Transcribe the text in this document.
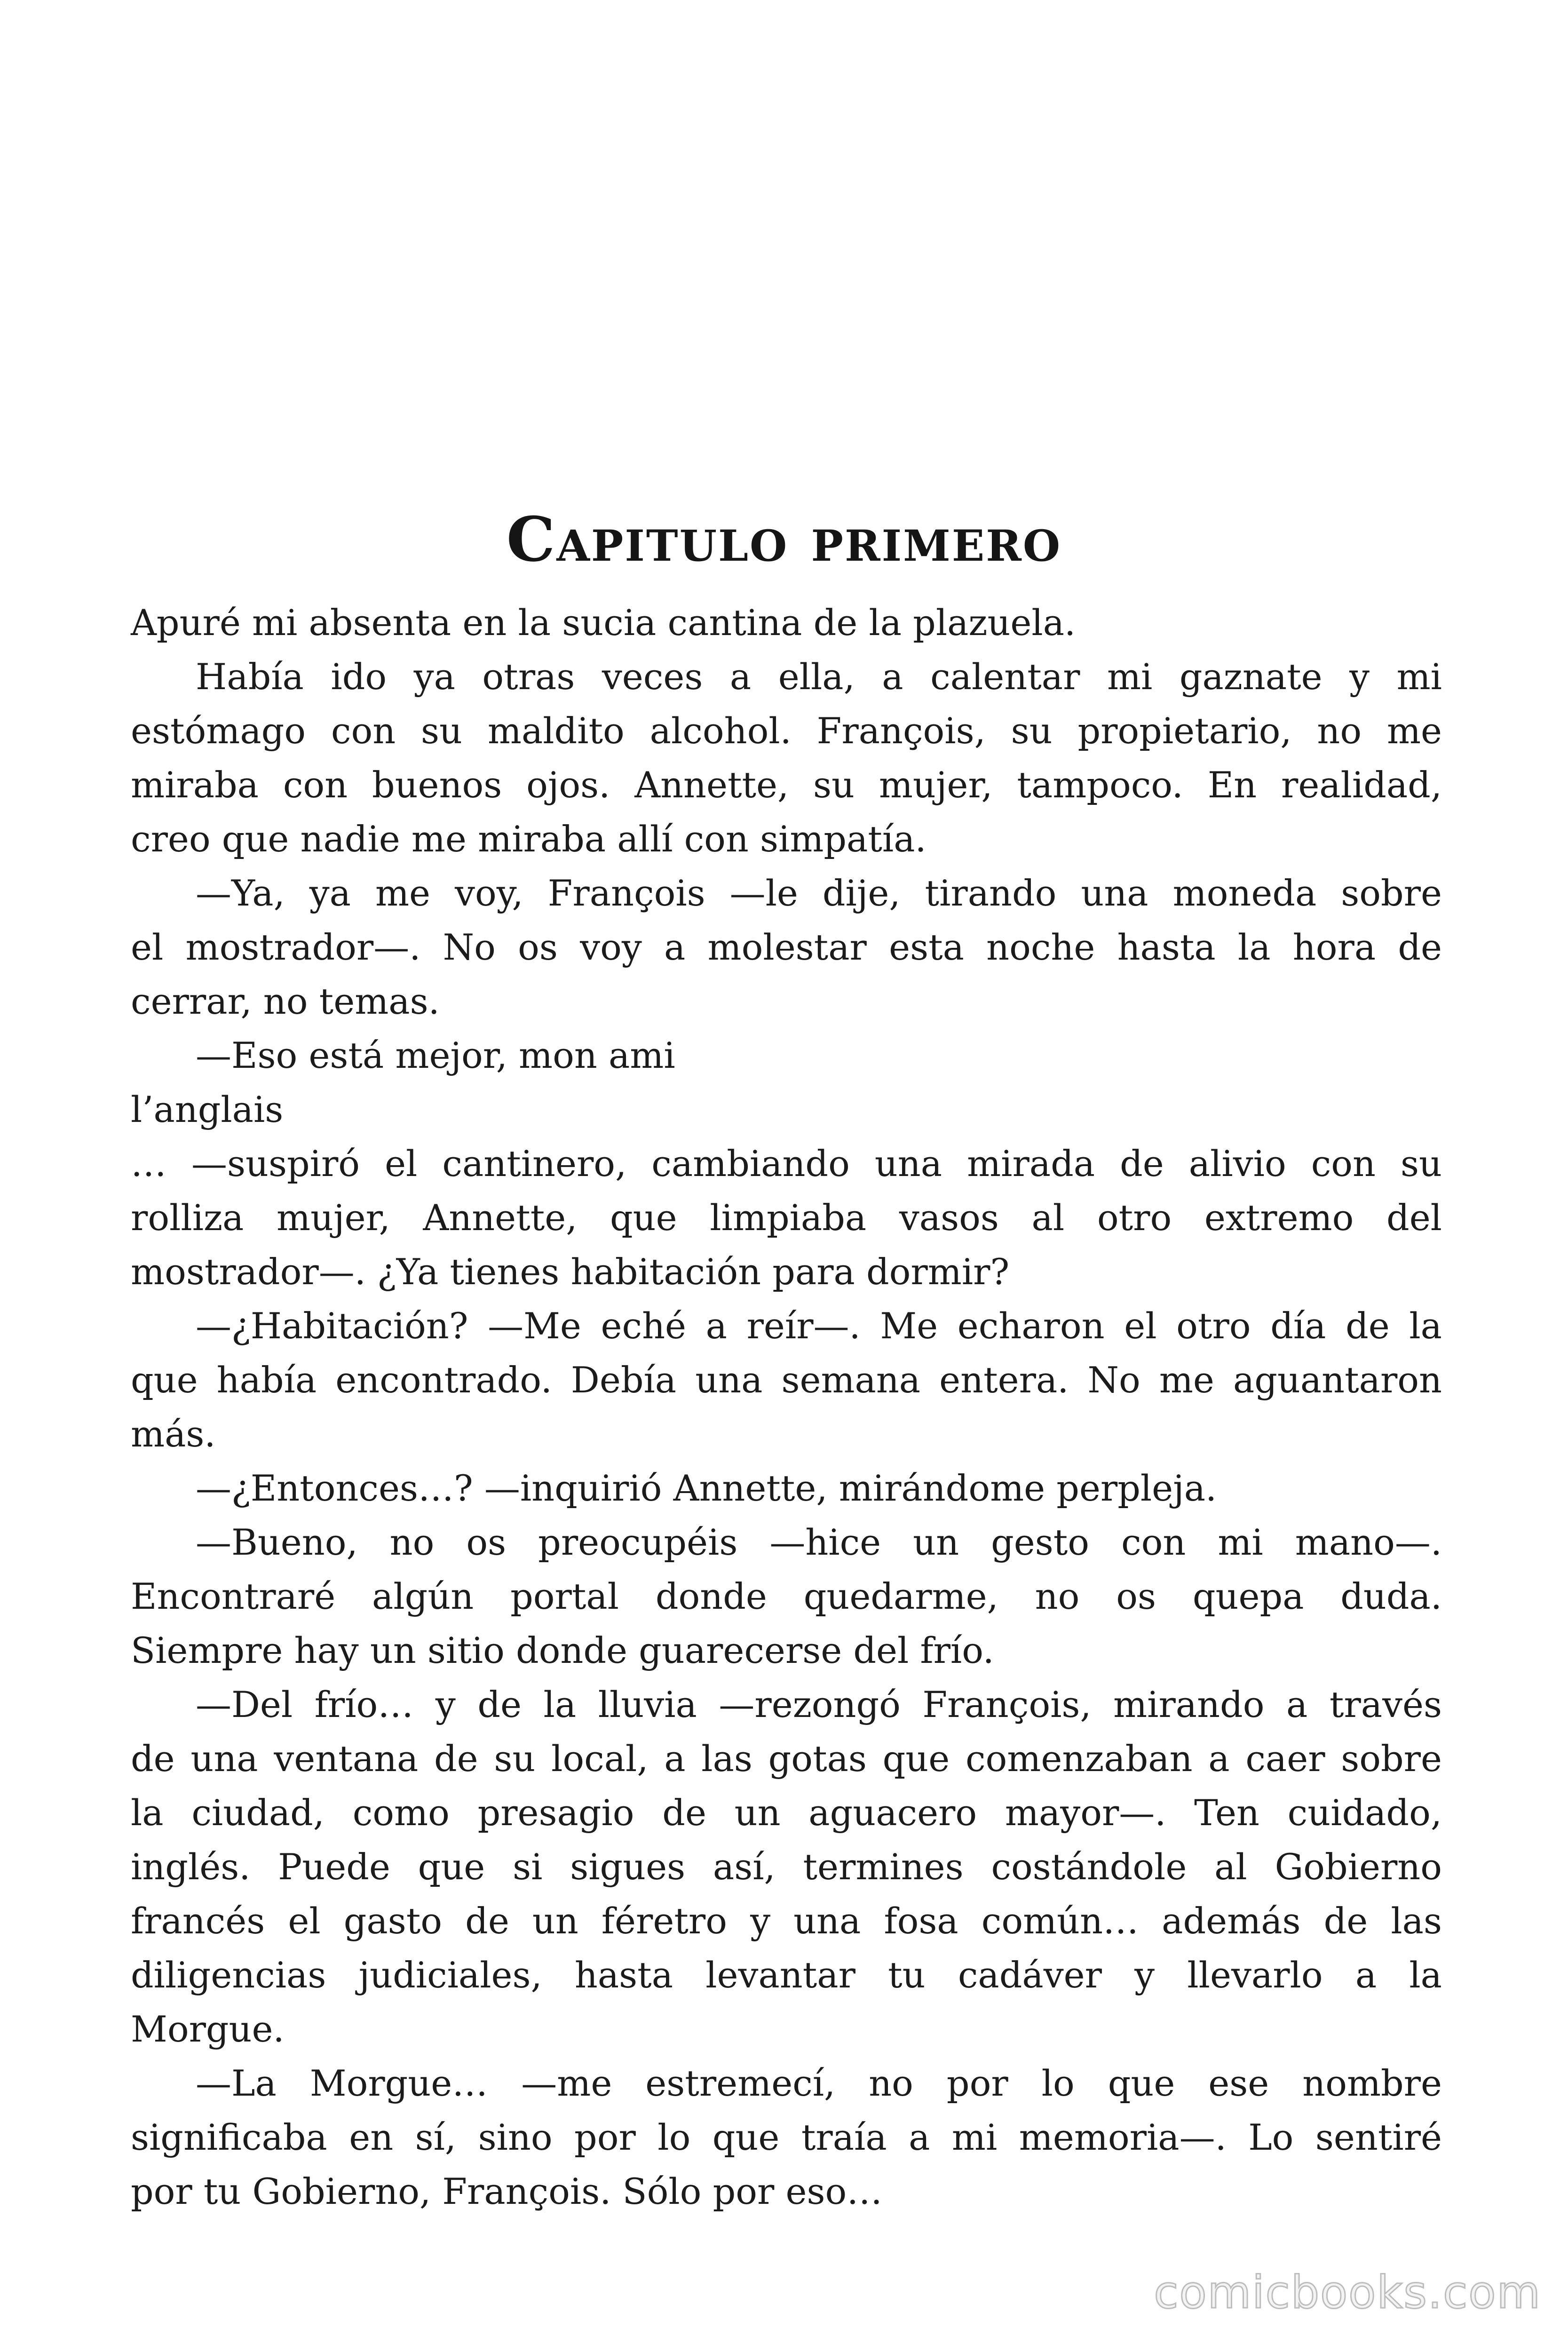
Capitulo primero
Apuré mi absenta en la sucia cantina de la plazuela.
Había ido ya otras veces a ella, a calentar mi gaznate y mi
estómago con su maldito alcohol. François, su propietario, no me
miraba con buenos ojos. Annette, su mujer, tampoco. En realidad,
creo que nadie me miraba allí con simpatía.
—Ya, ya me voy, François —le dije, tirando una moneda sobre
el mostrador—. No os voy a molestar esta noche hasta la hora de
cerrar, no temas.
—Eso está mejor, mon ami
l’anglais
… —suspiró el cantinero, cambiando una mirada de alivio con su
rolliza mujer, Annette, que limpiaba vasos al otro extremo del
mostrador—. ¿Ya tienes habitación para dormir?
—¿Habitación? —Me eché a reír—. Me echaron el otro día de la
que había encontrado. Debía una semana entera. No me aguantaron
más.
—¿Entonces…? —inquirió Annette, mirándome perpleja.
—Bueno, no os preocupéis —hice un gesto con mi mano—.
Encontraré algún portal donde quedarme, no os quepa duda.
Siempre hay un sitio donde guarecerse del frío.
—Del frío… y de la lluvia —rezongó François, mirando a través
de una ventana de su local, a las gotas que comenzaban a caer sobre
la ciudad, como presagio de un aguacero mayor—. Ten cuidado,
inglés. Puede que si sigues así, termines costándole al Gobierno
francés el gasto de un féretro y una fosa común… además de las
diligencias judiciales, hasta levantar tu cadáver y llevarlo a la
Morgue.
—La Morgue… —me estremecí, no por lo que ese nombre
significaba en sí, sino por lo que traía a mi memoria—. Lo sentiré
por tu Gobierno, François. Sólo por eso…
comicbooks.com
